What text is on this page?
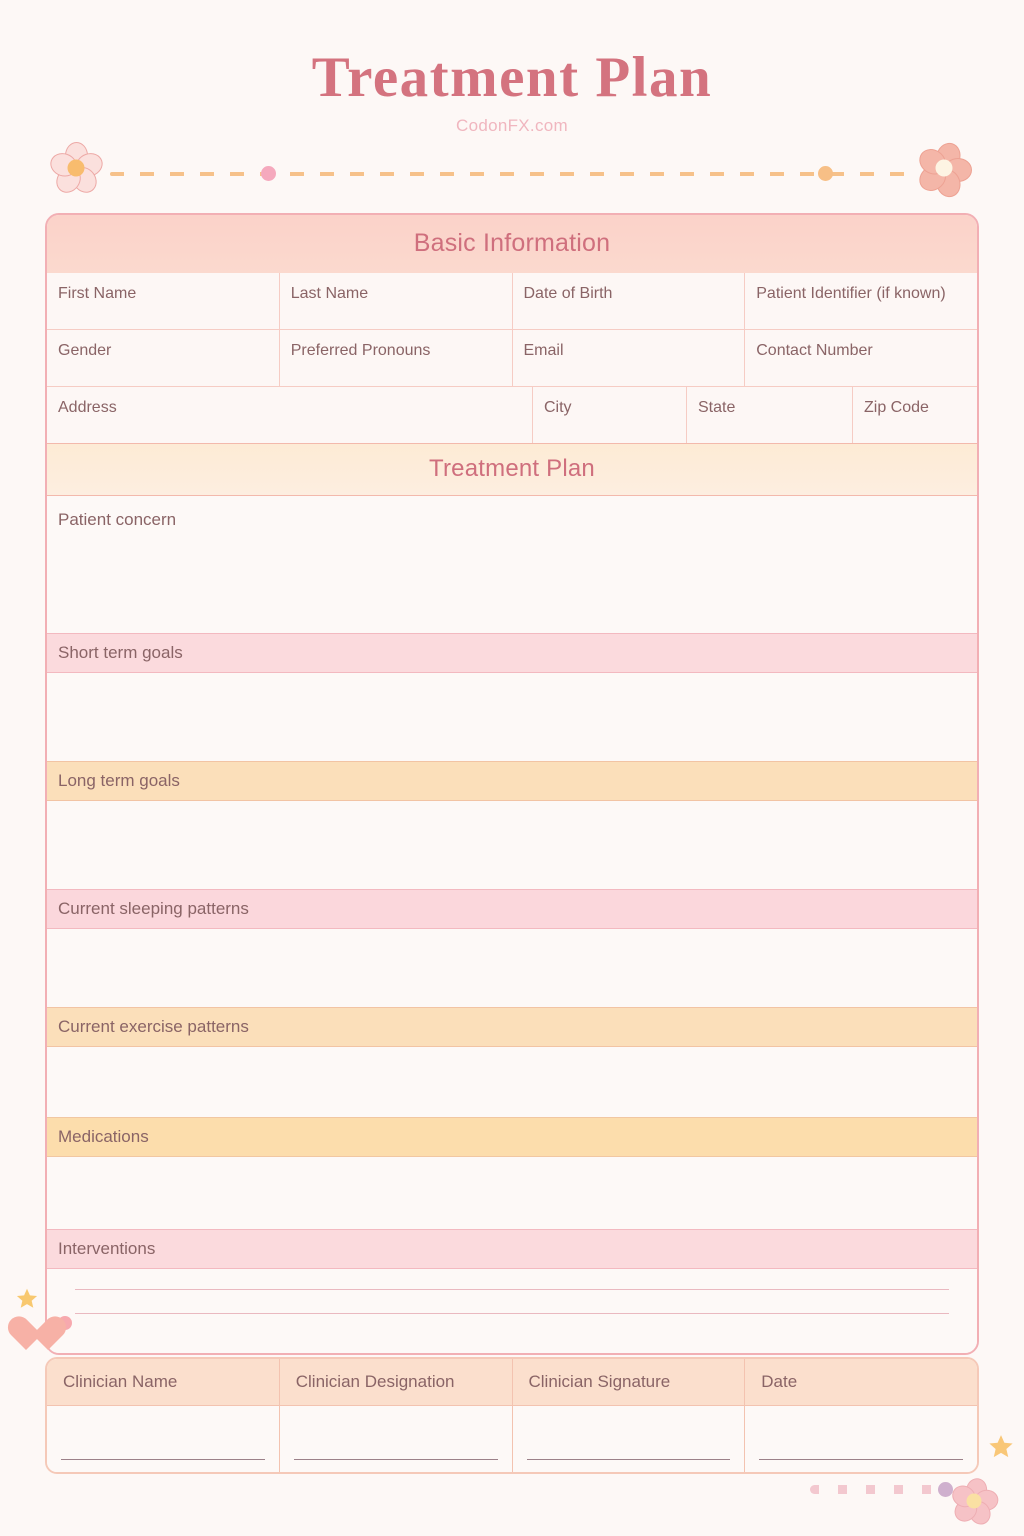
Treatment Plan
CodonFX.com
Basic Information
First Name	Last Name	Date of Birth	Patient Identifier (if known)
Gender	Preferred Pronouns	Email	Contact Number
Address	City	State	Zip Code
Treatment Plan
Patient concern
Short term goals
Long term goals
Current sleeping patterns
Current exercise patterns
Medications
Interventions
Clinician Name	Clinician Designation	Clinician Signature	Date
